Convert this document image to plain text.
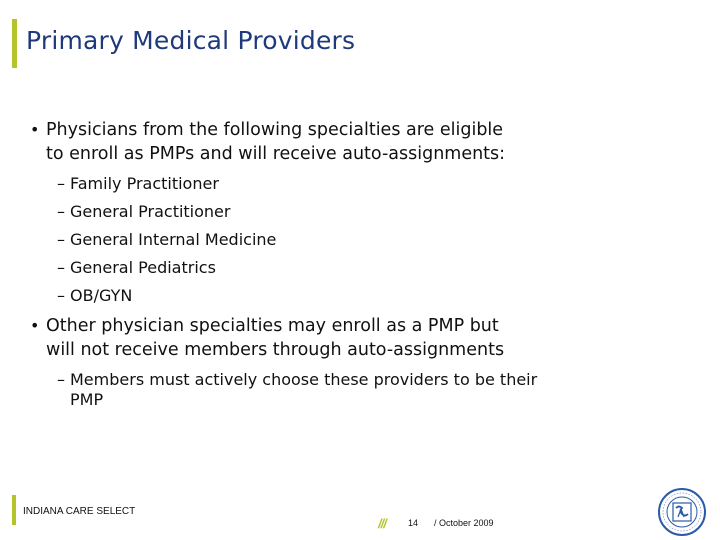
Primary Medical Providers
• Physicians from the following specialties are eligible to enroll as PMPs and will receive auto-assignments:
– Family Practitioner
– General Practitioner
– General Internal Medicine
– General Pediatrics
– OB/GYN
• Other physician specialties may enroll as a PMP but will not receive members through auto-assignments
– Members must actively choose these providers to be their PMP
INDIANA CARE SELECT
/// 14 / October 2009
